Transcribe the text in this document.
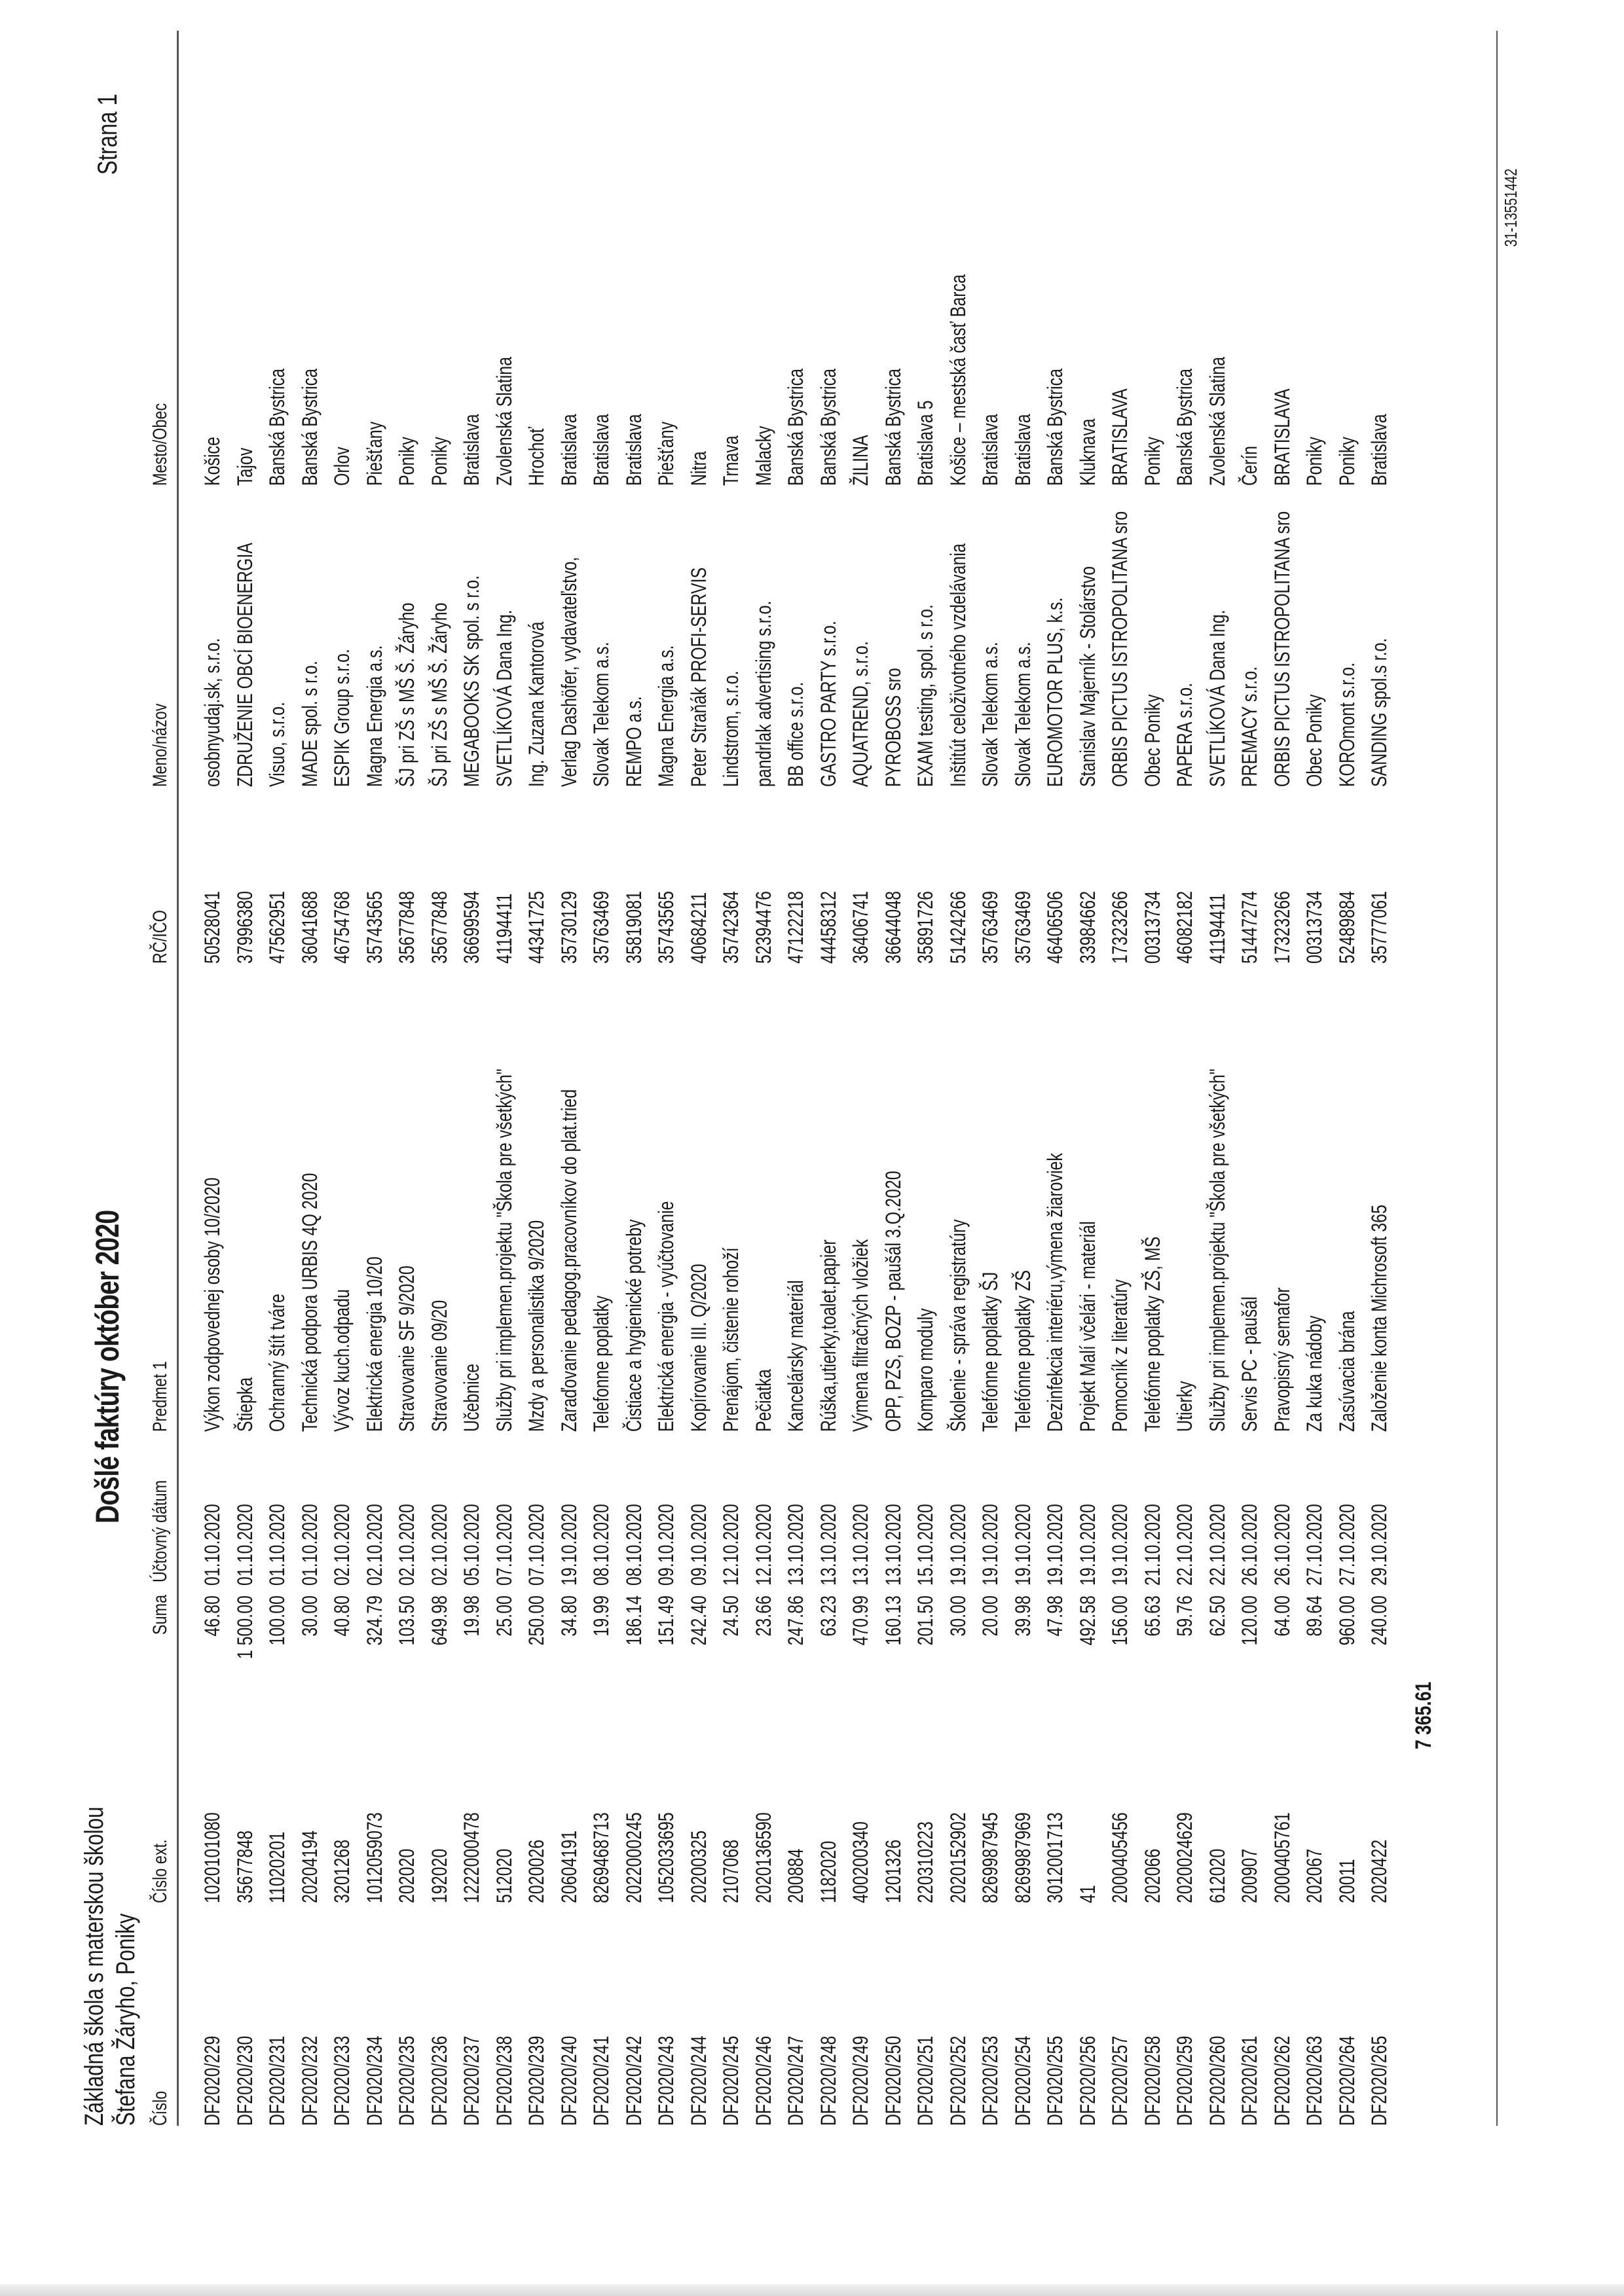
Základná škola s materskou školou Štefana Žáryho, Poniky
Došlé faktúry október 2020
Strana 1
Číslo
Číslo ext.
Suma
Účtovný dátum
Predmet 1
RČ/IČO
Meno/názov
Mesto/Obec
DF2020/229
1020101080
46.80
01.10.2020
Výkon zodpovednej osoby 10/2020
50528041
osobnyudaj.sk, s.r.o.
Košice
DF2020/230
35677848
1 500.00
01.10.2020
Štiepka
37996380
ZDRUŽENIE OBCÍ BIOENERGIA
Tajov
DF2020/231
11020201
100.00
01.10.2020
Ochranný štít tváre
47562951
Visuo, s.r.o.
Banská Bystrica
DF2020/232
20204194
30.00
01.10.2020
Technická podpora URBIS 4Q 2020
36041688
MADE spol. s r.o.
Banská Bystrica
DF2020/233
3201268
40.80
02.10.2020
Vývoz kuch.odpadu
46754768
ESPIK Group s.r.o.
Orlov
DF2020/234
1012059073
324.79
02.10.2020
Elektrická energia 10/20
35743565
Magna Energia a.s.
Piešťany
DF2020/235
202020
103.50
02.10.2020
Stravovanie SF 9/2020
35677848
ŠJ pri ZŠ s MŠ Š. Žáryho
Poniky
DF2020/236
192020
649.98
02.10.2020
Stravovanie 09/20
35677848
ŠJ pri ZŠ s MŠ Š. Žáryho
Poniky
DF2020/237
1222000478
19.98
05.10.2020
Učebnice
36699594
MEGABOOKS SK spol. s r.o.
Bratislava
DF2020/238
512020
25.00
07.10.2020
Služby pri implemen.projektu "Škola pre všetkých"
41194411
SVETLÍKOVÁ Dana Ing.
Zvolenská Slatina
DF2020/239
2020026
250.00
07.10.2020
Mzdy a personalistika 9/2020
44341725
Ing. Zuzana Kantorová
Hrochoť
DF2020/240
20604191
34.80
19.10.2020
Zaraďovanie pedagog.pracovníkov do plat.tried
35730129
Verlag Dashöfer, vydavateľstvo,
Bratislava
DF2020/241
8269468713
19.99
08.10.2020
Telefonne poplatky
35763469
Slovak Telekom a.s.
Bratislava
DF2020/242
2022000245
186.14
08.10.2020
Čistiace a hygienické potreby
35819081
REMPO a.s.
Bratislava
DF2020/243
1052033695
151.49
09.10.2020
Elektrická energia - vyúčtovanie
35743565
Magna Energia a.s.
Piešťany
DF2020/244
20200325
242.40
09.10.2020
Kopírovanie III. Q/2020
40684211
Peter Straňák PROFI-SERVIS
Nitra
DF2020/245
2107068
24.50
12.10.2020
Prenájom, čistenie rohoží
35742364
Lindstrom, s.r.o.
Trnava
DF2020/246
2020136590
23.66
12.10.2020
Pečiatka
52394476
pandrlak advertising s.r.o.
Malacky
DF2020/247
200884
247.86
13.10.2020
Kancelársky materiál
47122218
BB office s.r.o.
Banská Bystrica
DF2020/248
1182020
63.23
13.10.2020
Rúška,utierky,toalet.papier
44458312
GASTRO PARTY s.r.o.
Banská Bystrica
DF2020/249
400200340
470.99
13.10.2020
Výmena filtračných vložiek
36406741
AQUATREND, s.r.o.
ŽILINA
DF2020/250
1201326
160.13
13.10.2020
OPP, PZS, BOZP - paušál 3.Q.2020
36644048
PYROBOSS sro
Banská Bystrica
DF2020/251
220310223
201.50
15.10.2020
Komparo moduly
35891726
EXAM testing, spol. s r.o.
Bratislava 5
DF2020/252
2020152902
30.00
19.10.2020
Školenie - správa registratúry
51424266
Inštitút celoživotného vzdelávania
Košice – mestská časť Barca
DF2020/253
8269987945
20.00
19.10.2020
Telefónne poplatky ŠJ
35763469
Slovak Telekom a.s.
Bratislava
DF2020/254
8269987969
39.98
19.10.2020
Telefónne poplatky ZŠ
35763469
Slovak Telekom a.s.
Bratislava
DF2020/255
3012001713
47.98
19.10.2020
Dezinfekcia interiéru,výmena žiaroviek
46406506
EUROMOTOR PLUS, k.s.
Banská Bystrica
DF2020/256
41
492.58
19.10.2020
Projekt Malí včelári - materiál
33984662
Stanislav Majerník - Stolárstvo
Kluknava
DF2020/257
2000405456
156.00
19.10.2020
Pomocník z literatúry
17323266
ORBIS PICTUS ISTROPOLITANA sro
BRATISLAVA
DF2020/258
202066
65.63
21.10.2020
Telefónne poplatky ZŠ, MŠ
00313734
Obec Poniky
Poniky
DF2020/259
2020024629
59.76
22.10.2020
Utierky
46082182
PAPERA s.r.o.
Banská Bystrica
DF2020/260
612020
62.50
22.10.2020
Služby pri implemen.projektu "Škola pre všetkých"
41194411
SVETLÍKOVÁ Dana Ing.
Zvolenská Slatina
DF2020/261
200907
120.00
26.10.2020
Servis PC - paušál
51447274
PREMACY s.r.o.
Čerín
DF2020/262
2000405761
64.00
26.10.2020
Pravopisný semafor
17323266
ORBIS PICTUS ISTROPOLITANA sro
BRATISLAVA
DF2020/263
202067
89.64
27.10.2020
Za kuka nádoby
00313734
Obec Poniky
Poniky
DF2020/264
20011
960.00
27.10.2020
Zasúvacia brána
52489884
KOROmont s.r.o.
Poniky
DF2020/265
2020422
240.00
29.10.2020
Založenie konta Michrosoft 365
35777061
SANDING spol.s r.o.
Bratislava
7 365.61
31-13551442
